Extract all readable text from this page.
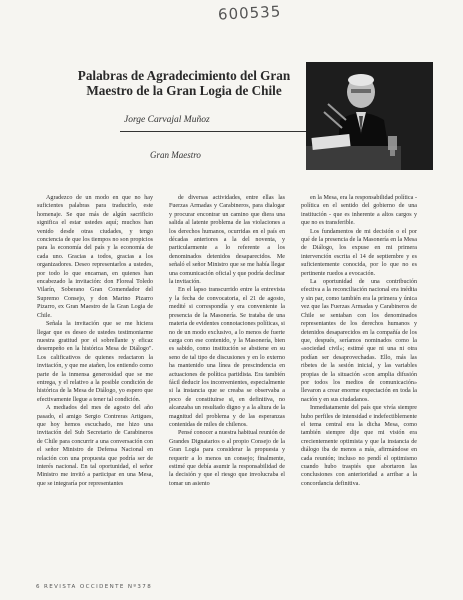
600535
Palabras de Agradecimiento del Gran Maestro de la Gran Logia de Chile
Jorge Carvajal Muñoz
Gran Maestro

Agradezco de un modo en que no hay suficientes palabras para traducirlo, este homenaje. Se que más de algún sacrificio significa el estar ustedes aquí; muchos han venido desde otras ciudades, y tengo conciencia de que los tiempos no son propicios para la economía del país y la economía de cada uno. Gracias a todos, gracias a los organizadores. Deseo representarlos a ustedes, por todo lo que encarnan, en quienes han encabezado la invitación: don Floreal Toledo Vilarín, Soberano Gran Comendador del Supremo Consejo, y don Marino Pizarro Pizarro, ex Gran Maestro de la Gran Logia de Chile.

Señala la invitación que se me hiciera llegar que es deseo de ustedes testimoniarme nuestra gratitud por el sobrellante y eficaz desempeño en la histórica Mesa de Diálogo". Los calificativos de quienes redactaron la invitación, y que me atañen, los entiendo como parte de la inmensa generosidad que se me entrega, y el relativo a la posible condición de histórica de la Mesa de Diálogo, yo espero que efectivamente llegue a tener tal condición.

A mediados del mes de agosto del año pasado, el amigo Sergio Contreras Artigues, que hoy hemos escuchado, me hizo una invitación del Sub Secretario de Carabineros de Chile para concurrir a una conversación con el señor Ministro de Defensa Nacional en relación con una propuesta que podría ser de interés nacional. En tal oportunidad, el señor Ministro me invitó a participar en una Mesa, que se integraría por representantes

de diversas actividades, entre ellas las Fuerzas Armadas y Carabineros, para dialogar y procurar encontrar un camino que diera una salida al latente problema de las violaciones a los derechos humanos, ocurridas en el país en décadas anteriores a la del noventa, y particularmente a lo referente a los denominados detenidos desaparecidos. Me señaló el señor Ministro que se me había llegar una comunicación oficial y que podría declinar la invitación.

En el lapso transcurrido entre la entrevista y la fecha de convocatoria, el 21 de agosto, medité si correspondía y era conveniente la presencia de la Masonería. Se trataba de una materia de evidentes connotaciones políticas, si no de un modo exclusivo, a lo menos de fuerte carga con ese contenido, y la Masonería, bien es sabido, como institución se abstiene en su seno de tal tipo de discusiones y en lo externo ha mantenido una línea de prescindencia en actuaciones de política partidista. Era también fácil deducir los inconvenientes, especialmente si la instancia que se creaba se observaba a poco de constituirse si, en definitiva, no alcanzaba un resultado digno y a la altura de la magnitud del problema y de las esperanzas contenidas de miles de chilenos.

Pensé conocer a nuestra habitual reunión de Grandes Dignatarios o al propio Consejo de la Gran Logia para considerar la propuesta y requerir a lo menos un consejo; finalmente, estimé que debía asumir la responsabilidad de la decisión y que el riesgo que involucraba el tomar un asiento

en la Mesa, era la responsabilidad política - política en el sentido del gobierno de una institución - que es inherente a altos cargos y que no es transferible.

Los fundamentos de mi decisión o el por qué de la presencia de la Masonería en la Mesa de Diálogo, los expuse en mi primera intervención escrita el 14 de septiembre y es suficientemente conocida, por lo que no es pertinente ruedos a evocación.

La oportunidad de una contribución efectiva a la reconciliación nacional era inédita y sin par, como también era la primera y única vez que las Fuerzas Armadas y Carabineros de Chile se sentaban con los denominados representantes de los derechos humanos y detenidos desaparecidos en la compañía de los que, después, seríamos nominados como la «sociedad civil»; estimé que ni una ni otra podían ser desaprovechadas. Ello, más las ribetes de la sesión inicial, y las variables propias de la situación «con amplia difusión por todos los medios de comunicación» llevaron a crear enorme expectación en toda la nación y en sus ciudadanos.

Inmediatamente del país que vivía siempre hubo perfiles de intensidad e indefectiblemente el tema central era la dicha Mesa, como también siempre dije que mi visión era crecientemente optimista y que la instancia de diálogo iba de menos a más, afirmándose en cada reunión; incluso no pendí el optimismo cuando hubo traspiés que abortaron las conclusiones con anterioridad a arribar a la concordancia definitiva.

6 REVISTA OCCIDENTE Nº378
